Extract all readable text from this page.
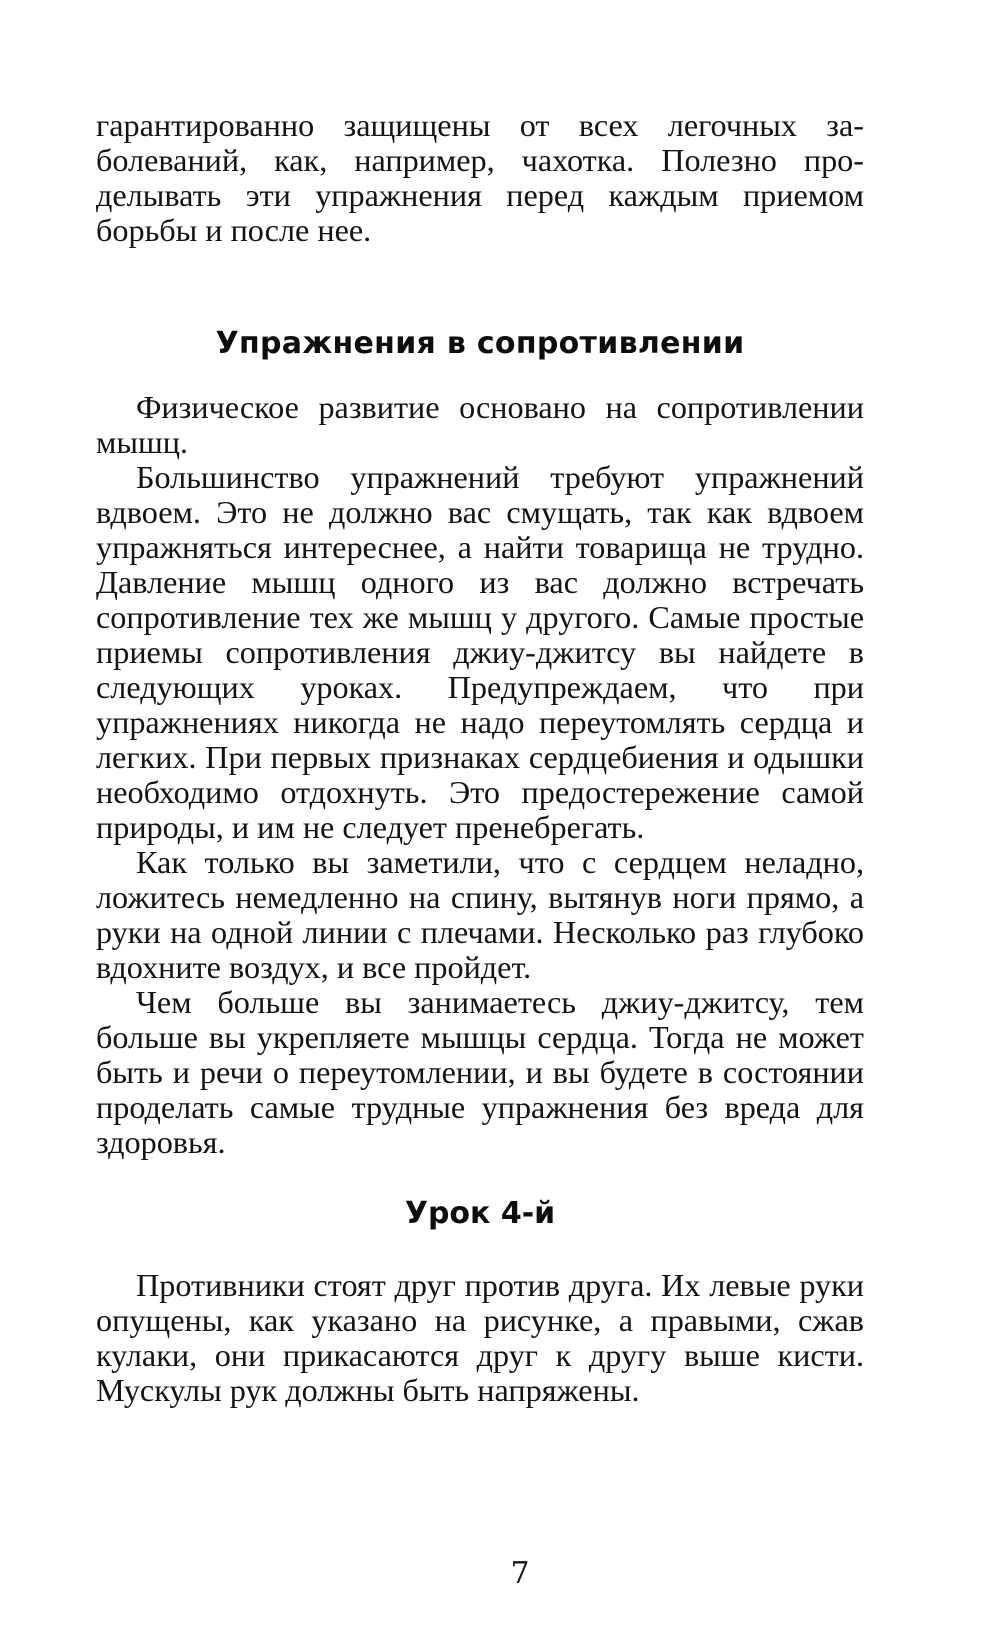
гарантированно защищены от всех легочных заболеваний, как, например, чахотка. Полезно проделывать эти упражнения перед каждым приемом борьбы и после нее.

Упражнения в сопротивлении

Физическое развитие основано на сопротивлении мышц.

Большинство упражнений требуют упражнений вдвоем. Это не должно вас смущать, так как вдвоем упражняться интереснее, а найти товарища не трудно. Давление мышц одного из вас должно встречать сопротивление тех же мышц у другого. Самые простые приемы сопротивления джиу-джитсу вы найдете в следующих уроках. Предупреждаем, что при упражнениях никогда не надо переутомлять сердца и легких. При первых признаках сердцебиения и одышки необходимо отдохнуть. Это предостережение самой природы, и им не следует пренебрегать.

Как только вы заметили, что с сердцем неладно, ложитесь немедленно на спину, вытянув ноги прямо, а руки на одной линии с плечами. Несколько раз глубоко вдохните воздух, и все пройдет.

Чем больше вы занимаетесь джиу-джитсу, тем больше вы укрепляете мышцы сердца. Тогда не может быть и речи о переутомлении, и вы будете в состоянии проделать самые трудные упражнения без вреда для здоровья.

Урок 4-й

Противники стоят друг против друга. Их левые руки опущены, как указано на рисунке, а правыми, сжав кулаки, они прикасаются друг к другу выше кисти. Мускулы рук должны быть напряжены.

7
